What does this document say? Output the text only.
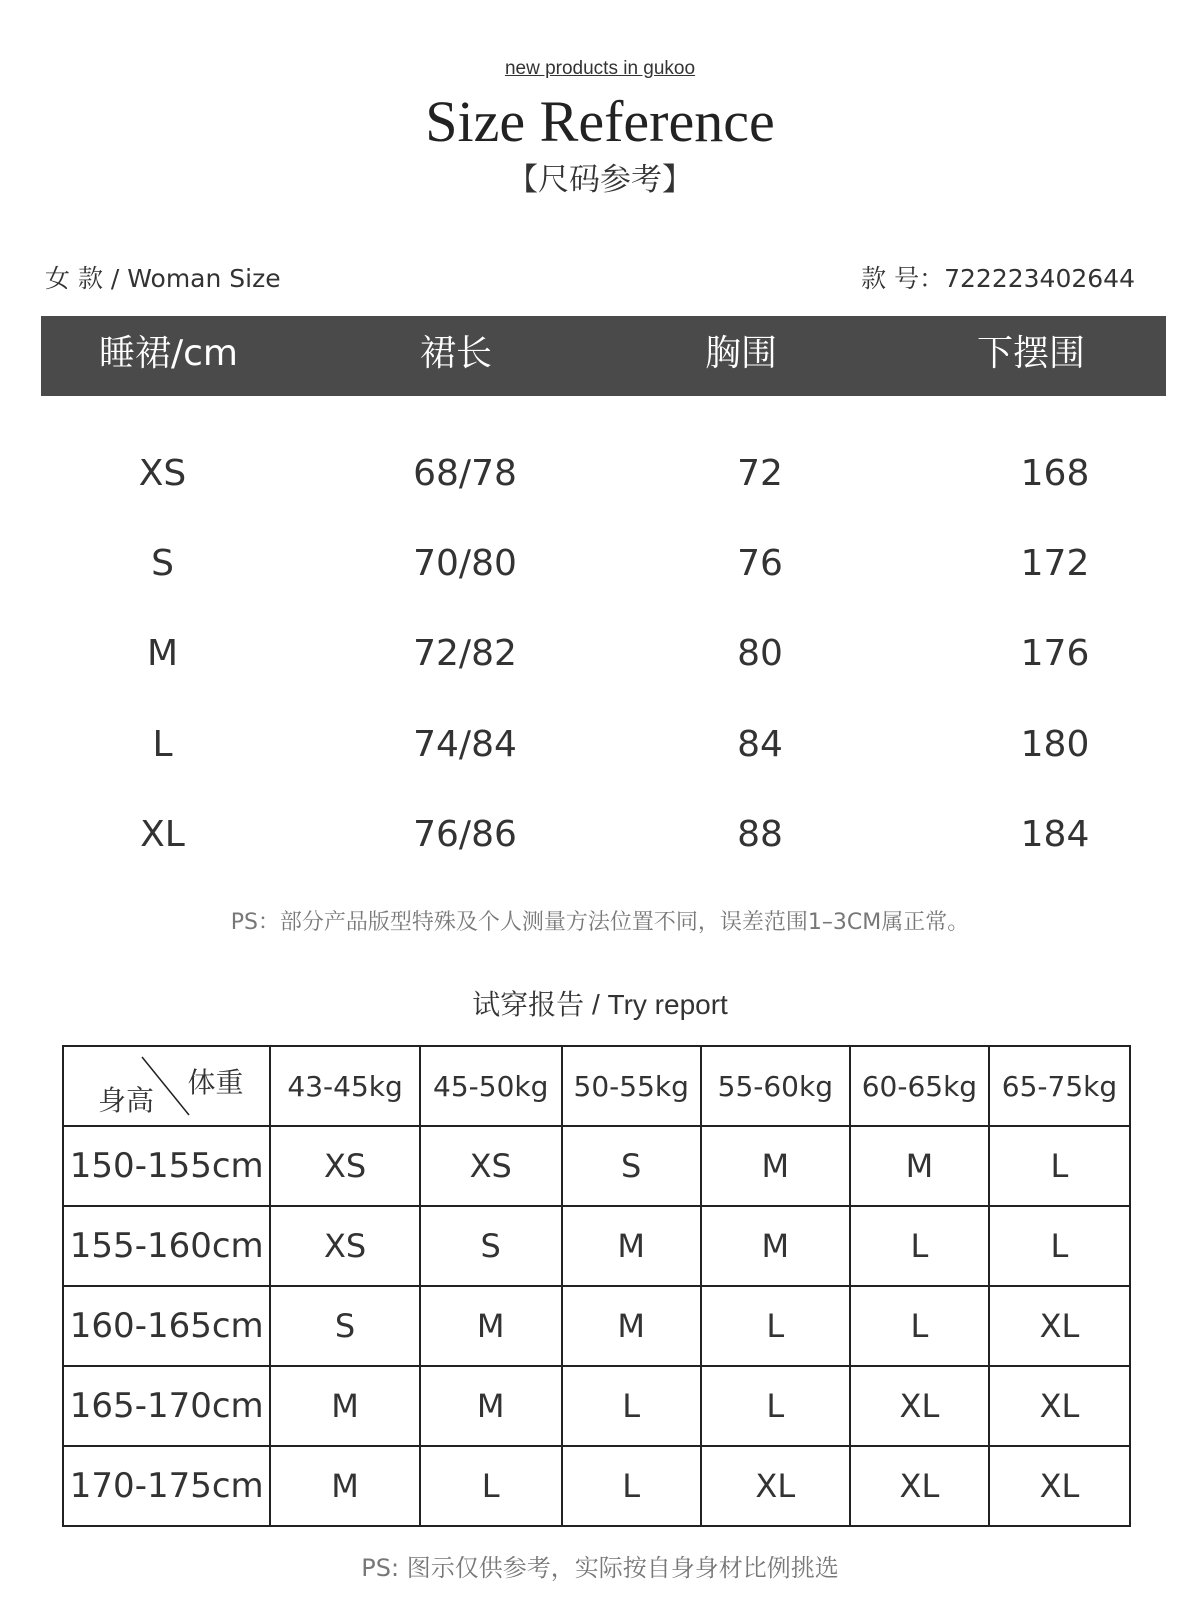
new products in gukoo
Size Reference
【尺码参考】
女 款 / Woman Size	款 号：722223402644
睡裙/cm	裙长	胸围	下摆围
XS	68/78	72	168
S	70/80	76	172
M	72/82	80	176
L	74/84	84	180
XL	76/86	88	184
PS：部分产品版型特殊及个人测量方法位置不同，误差范围1–3CM属正常。
试穿报告 / Try report
身高
体重	43-45kg	45-50kg	50-55kg	55-60kg	60-65kg	65-75kg
150-155cm	XS	XS	S	M	M	L
155-160cm	XS	S	M	M	L	L
160-165cm	S	M	M	L	L	XL
165-170cm	M	M	L	L	XL	XL
170-175cm	M	L	L	XL	XL	XL
PS: 图示仅供参考，实际按自身身材比例挑选
